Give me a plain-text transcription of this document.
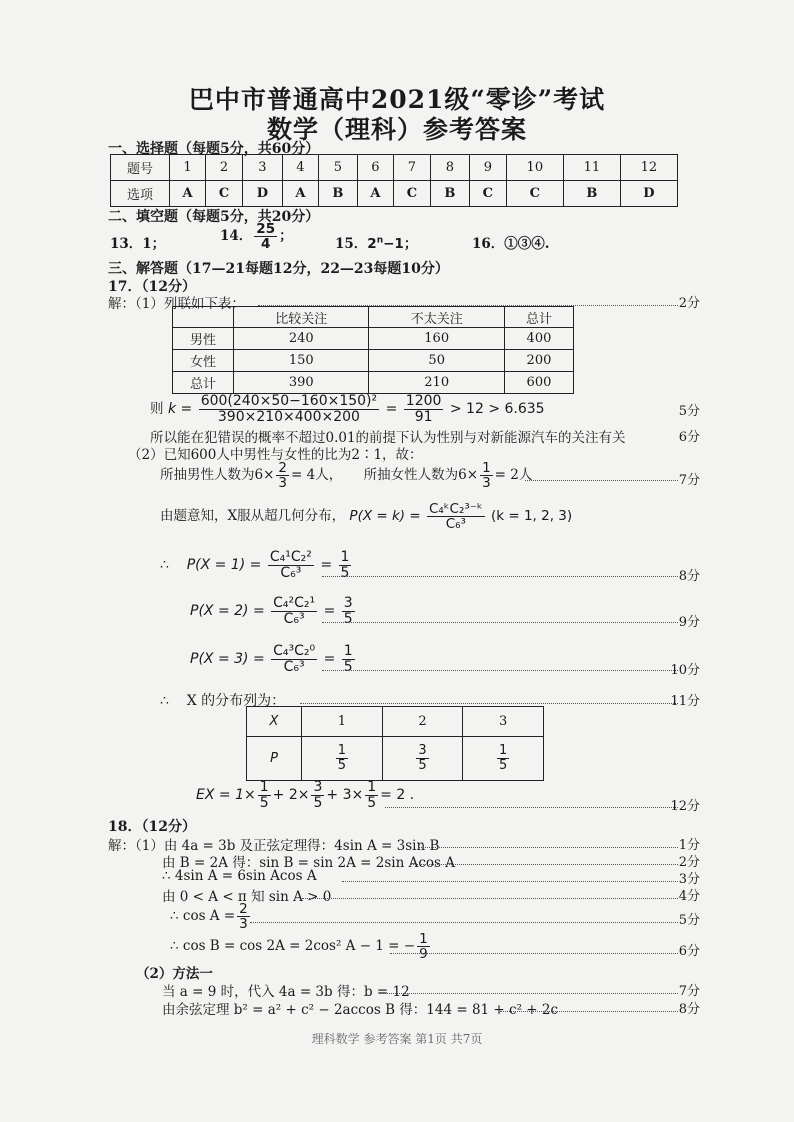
巴中市普通高中2021级“零诊”考试
数学（理科）参考答案
一、选择题（每题5分，共60分）
题号	1	2	3	4	5	6	7	8	9	10	11	12
选项	A	C	D	A	B	A	C	B	C	C	B	D
二、填空题（每题5分，共20分）
13．1；	14． $\frac{25}{4}$ ；	15．$2^n-1$；	16．①③④.
三、解答题（17—21每题12分，22—23每题10分）
17．（12分）
解：（1）列联如下表：	2分
	比较关注	不太关注	总计
男性	240	160	400
女性	150	50	200
总计	390	210	600
则 $k = \frac{\text{600(240×50−160×150)²}}{390\times 210\times 400\times 200} = \frac{1200}{91} > 12 > 6.635$	5分
所以能在犯错误的概率不超过0.01的前提下认为性别与对新能源汽车的关注有关	6分
（2）已知600人中男性与女性的比为2∶1，故：
所抽男性人数为$6\times \frac{2}{3} = 4$人， 所抽女性人数为$6\times \frac{1}{3} = 2$人	7分
由题意知，X服从超几何分布， $P(X = k) = \frac{\text{C₄ᵏC₂³⁻ᵏ}}{\text{C₆³}} (k = 1$, 2, 3)
∴ $P(X = 1) = \frac{\text{C₄¹C₂²}}{\text{C₆³}} = \frac{1}{5}$	8分
$P(X = 2) = \frac{\text{C₄²C₂¹}}{\text{C₆³}} = \frac{3}{5}$	9分
$P(X = 3) = \frac{\text{C₄³C₂⁰}}{\text{C₆³}} = \frac{1}{5}$	10分
∴ X 的分布列为：	11分
X	1	2	3
P	$\frac{1}{5}$	$\frac{3}{5}$	$\frac{1}{5}$
EX = $1\times \frac{1}{5} + 2\times \frac{3}{5} + 3\times \frac{1}{5} = 2$ .
12分
18．（12分）
解：（1）由 4a = 3b 及正弦定理得：4sin A = 3sin B	1分
由 B = 2A 得：sin B = sin 2A = 2sin Acos A	2分
∴ 4sin A = 6sin Acos A	3分
由 0 < A < π 知 sin A > 0	4分
∴ $\cos A = \frac{2}{3}$	5分
∴ cos B = cos 2A = 2cos² A − 1 = − $\frac{1}{9}$	6分
（2）方法一
当 a = 9 时，代入 4a = 3b 得：b = 12	7分
由余弦定理 b² = a² + c² − 2accos B 得：144 = 81 + c² + 2c	8分
理科数学 参考答案 第1页 共7页
